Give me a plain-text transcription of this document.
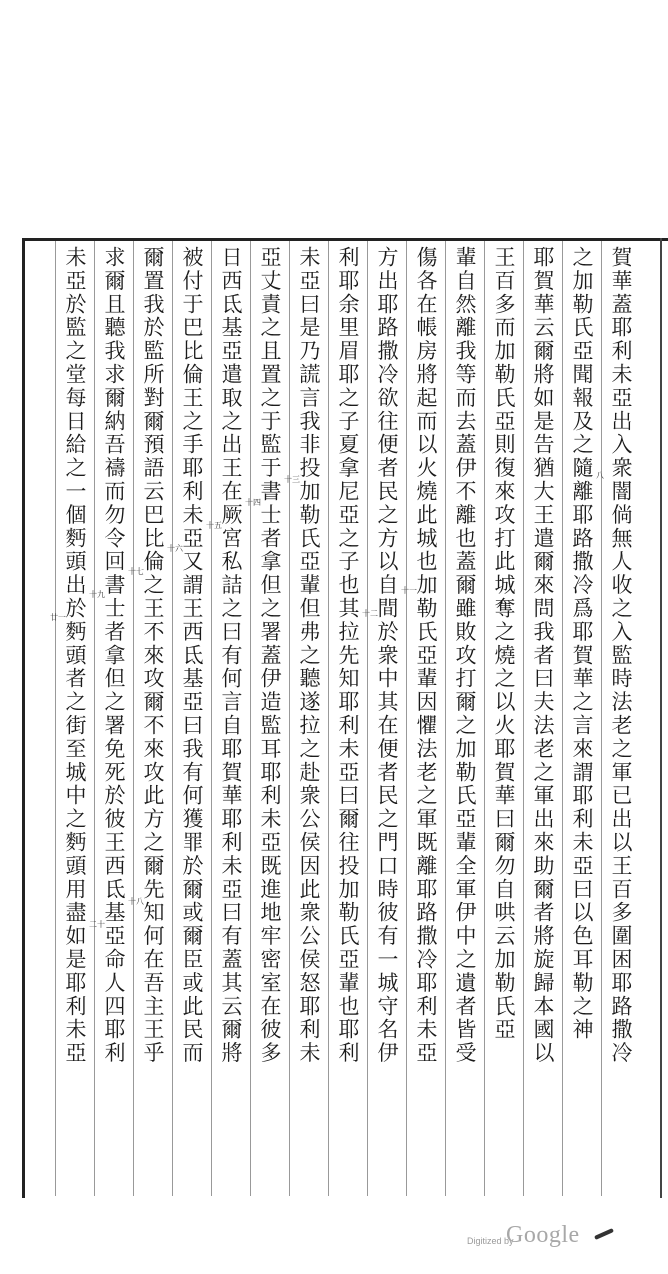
賀華蓋耶利未亞出入衆闇倘無人收之入監時法老之軍已出以王百多圍困耶路撒冷
之加勒氏亞聞報及之隨離耶路撒冷爲耶賀華之言來謂耶利未亞曰以色耳勒之神
耶賀華云爾將如是告猶大王遣爾來問我者曰夫法老之軍出來助爾者將旋歸本國以
王百多而加勒氏亞則復來攻打此城奪之燒之以火耶賀華曰爾勿自哄云加勒氏亞
輩自然離我等而去蓋伊不離也蓋爾雖敗攻打爾之加勒氏亞輩全軍伊中之遺者皆受
傷各在帳房將起而以火燒此城也加勒氏亞輩因懼法老之軍既離耶路撒冷耶利未亞
方出耶路撒冷欲往便者民之方以自間於衆中其在便者民之門口時彼有一城守名伊
利耶余里眉耶之子夏拿尼亞之子也其拉先知耶利未亞曰爾往投加勒氏亞輩也耶利
未亞曰是乃謊言我非投加勒氏亞輩但弗之聽遂拉之赴衆公侯因此衆公侯怒耶利未
亞丈責之且置之于監于書士者拿但之署蓋伊造監耳耶利未亞既進地牢密室在彼多
日西氐基亞遣取之出王在厥宮私詰之曰有何言自耶賀華耶利未亞曰有蓋其云爾將
被付于巴比倫王之手耶利未亞又謂王西氐基亞曰我有何獲罪於爾或爾臣或此民而
爾置我於監所對爾預語云巴比倫之王不來攻爾不來攻此方之爾先知何在吾主王乎
求爾且聽我求爾納吾禱而勿令回書士者拿但之署免死於彼王西氐基亞命人四耶利
未亞於監之堂每日給之一個麪頭出於麪頭者之街至城中之麪頭用盡如是耶利未亞	八
十一
十二
十三
十四
十五
十六
十七
十八
十九
二十
廿一
Digitized by
Google
